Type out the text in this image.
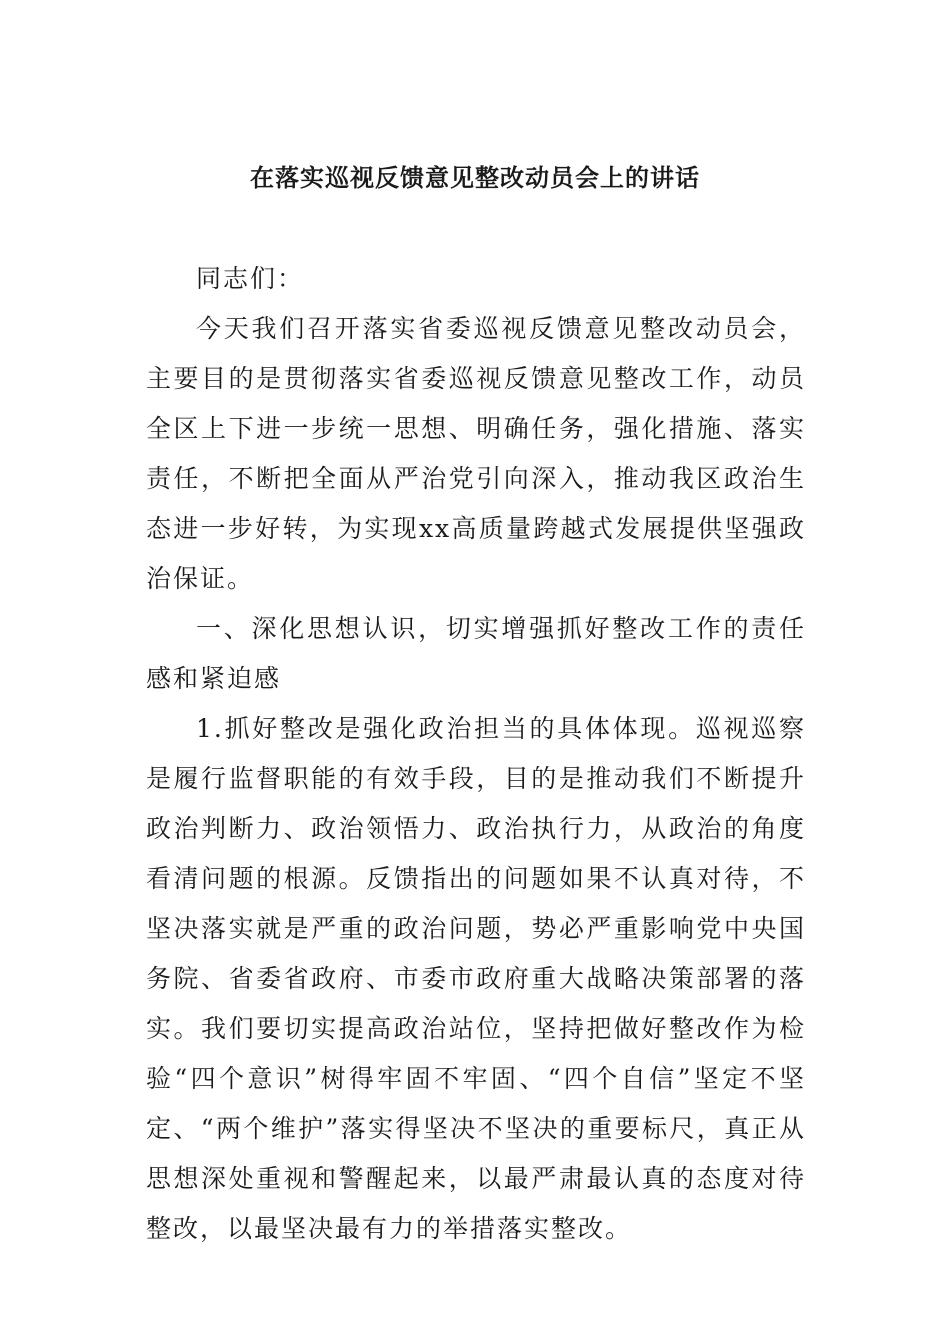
在落实巡视反馈意见整改动员会上的讲话

同志们：

今天我们召开落实省委巡视反馈意见整改动员会，主要目的是贯彻落实省委巡视反馈意见整改工作，动员全区上下进一步统一思想、明确任务，强化措施、落实责任，不断把全面从严治党引向深入，推动我区政治生态进一步好转，为实现xx高质量跨越式发展提供坚强政治保证。

一、深化思想认识，切实增强抓好整改工作的责任感和紧迫感

1.抓好整改是强化政治担当的具体体现。巡视巡察是履行监督职能的有效手段，目的是推动我们不断提升政治判断力、政治领悟力、政治执行力，从政治的角度看清问题的根源。反馈指出的问题如果不认真对待，不坚决落实就是严重的政治问题，势必严重影响党中央国务院、省委省政府、市委市政府重大战略决策部署的落实。我们要切实提高政治站位，坚持把做好整改作为检验“四个意识”树得牢固不牢固、“四个自信”坚定不坚定、“两个维护”落实得坚决不坚决的重要标尺，真正从思想深处重视和警醒起来，以最严肃最认真的态度对待整改，以最坚决最有力的举措落实整改。
